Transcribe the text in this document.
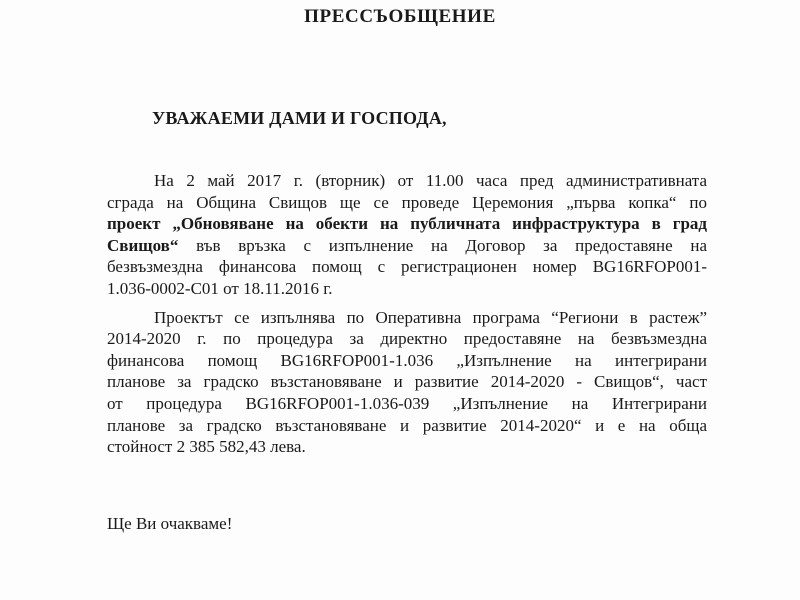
ПРЕССЪОБЩЕНИЕ
УВАЖАЕМИ ДАМИ И ГОСПОДА,
На 2 май 2017 г. (вторник) от 11.00 часа пред административната
сграда на Община Свищов ще се проведе Церемония „първа копка“ по
проект „Обновяване на обекти на публичната инфраструктура в град
Свищов“ във връзка с изпълнение на Договор за предоставяне на
безвъзмездна финансова помощ с регистрационен номер BG16RFOP001-
1.036-0002-C01 от 18.11.2016 г.
Проектът се изпълнява по Оперативна програма “Региони в растеж”
2014-2020 г. по процедура за директно предоставяне на безвъзмездна
финансова помощ BG16RFOP001-1.036 „Изпълнение на интегрирани
планове за градско възстановяване и развитие 2014-2020 - Свищов“, част
от процедура BG16RFOP001-1.036-039 „Изпълнение на Интегрирани
планове за градско възстановяване и развитие 2014-2020“ и е на обща
стойност 2 385 582,43 лева.
Ще Ви очакваме!
